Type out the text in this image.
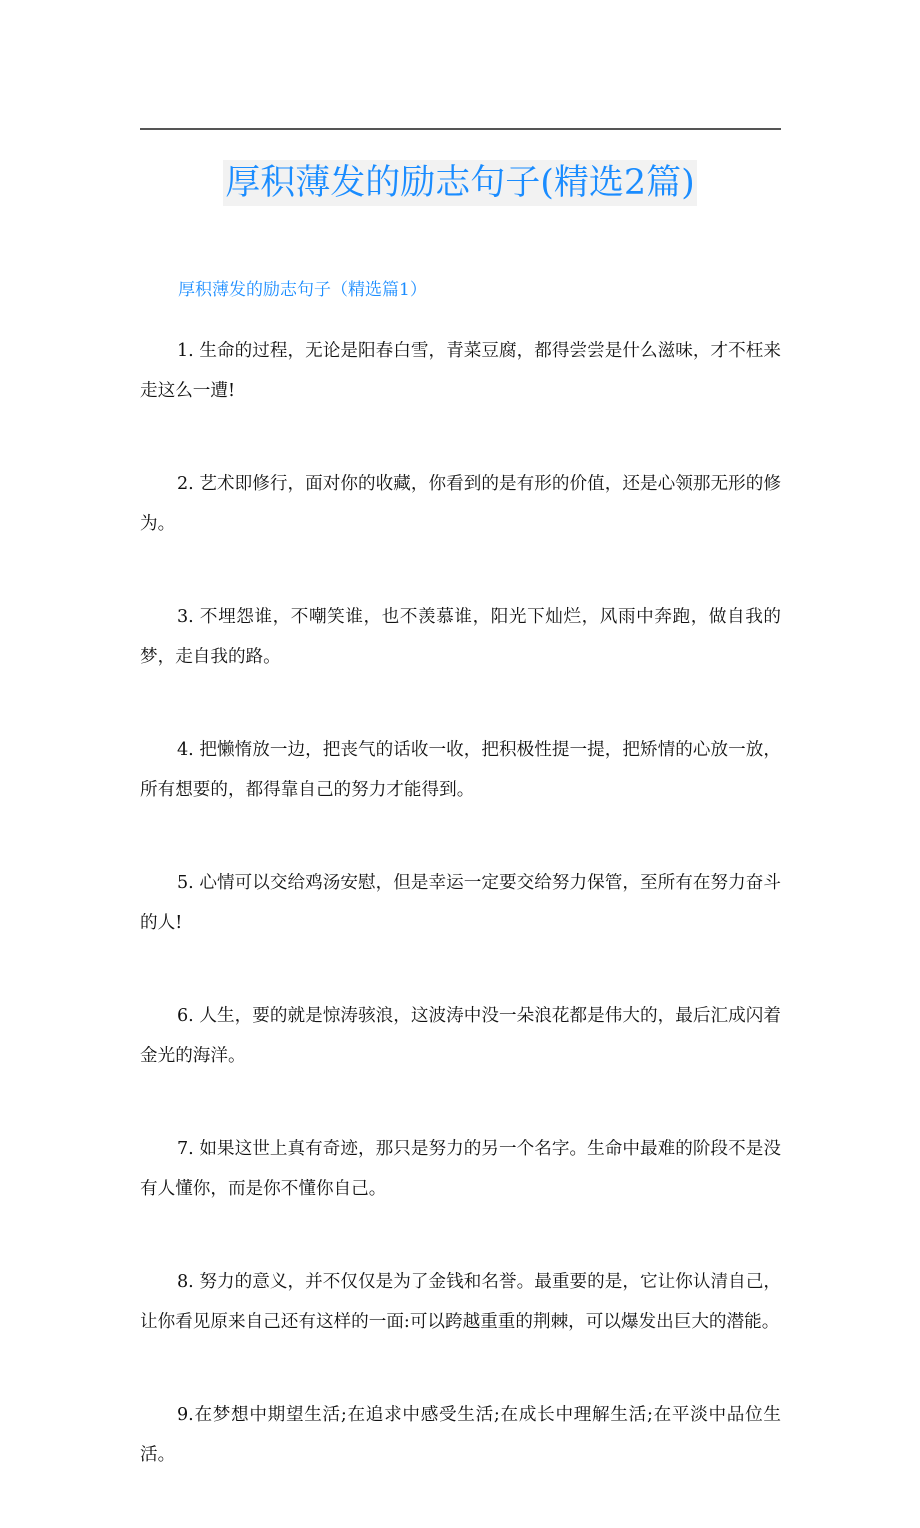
厚积薄发的励志句子(精选2篇)
厚积薄发的励志句子（精选篇1）

1. 生命的过程，无论是阳春白雪，青菜豆腐，都得尝尝是什么滋味，才不枉来走这么一遭!

2. 艺术即修行，面对你的收藏，你看到的是有形的价值，还是心领那无形的修为。

3. 不埋怨谁，不嘲笑谁，也不羡慕谁，阳光下灿烂，风雨中奔跑，做自我的梦，走自我的路。

4. 把懒惰放一边，把丧气的话收一收，把积极性提一提，把矫情的心放一放，所有想要的，都得靠自己的努力才能得到。

5. 心情可以交给鸡汤安慰，但是幸运一定要交给努力保管，至所有在努力奋斗的人!

6. 人生，要的就是惊涛骇浪，这波涛中没一朵浪花都是伟大的，最后汇成闪着金光的海洋。

7. 如果这世上真有奇迹，那只是努力的另一个名字。生命中最难的阶段不是没有人懂你，而是你不懂你自己。

8. 努力的意义，并不仅仅是为了金钱和名誉。最重要的是，它让你认清自己，让你看见原来自己还有这样的一面:可以跨越重重的荆棘，可以爆发出巨大的潜能。

9.在梦想中期望生活;在追求中感受生活;在成长中理解生活;在平淡中品位生活。
